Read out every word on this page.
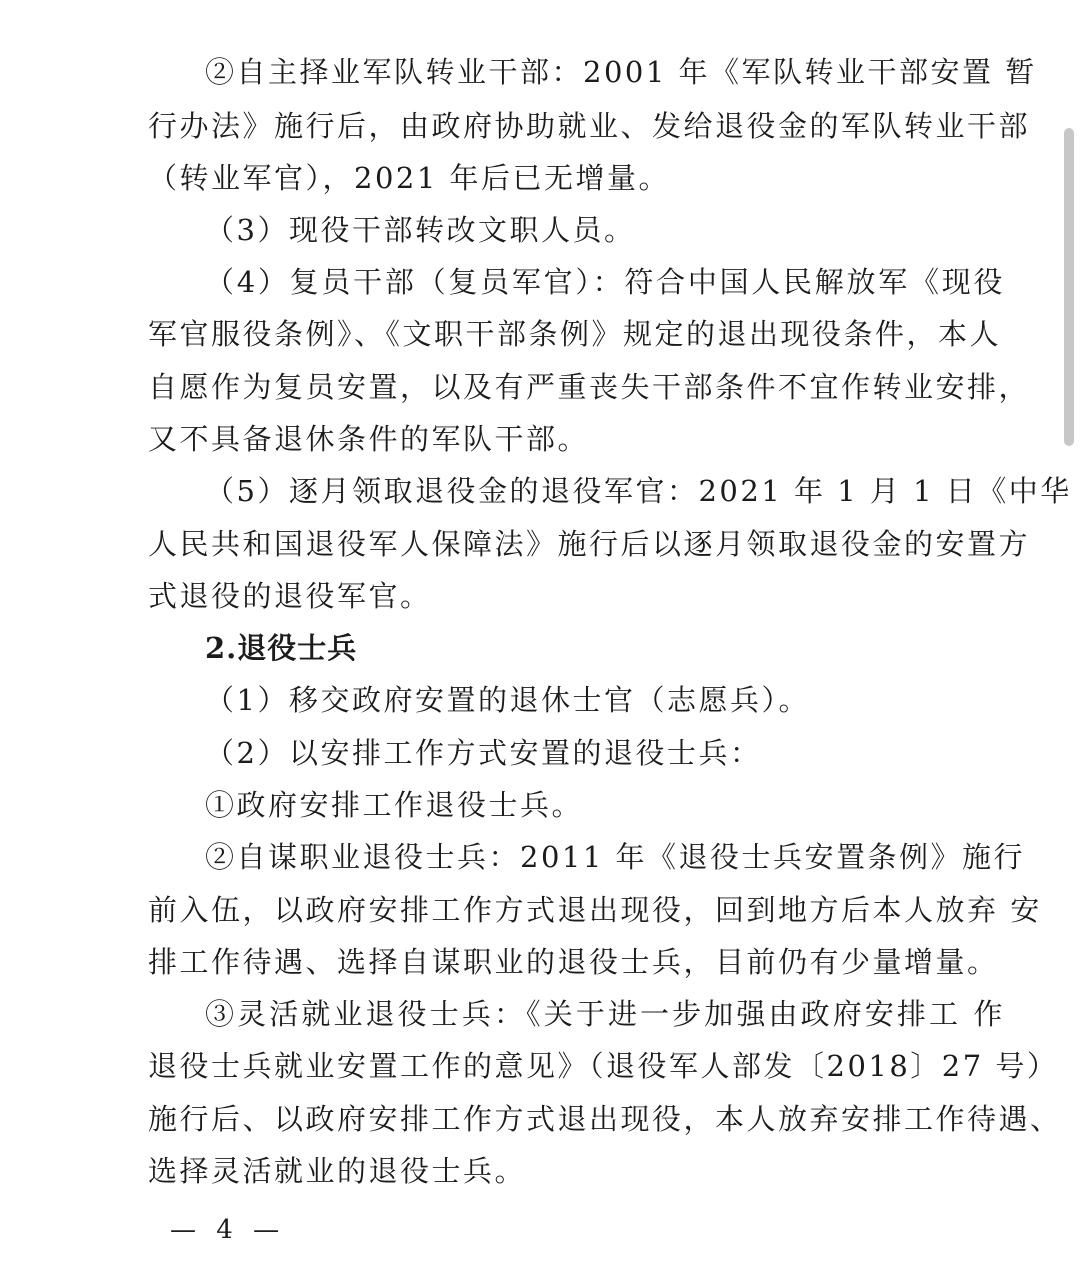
②自主择业军队转业干部：2001 年《军队转业干部安置 暂
行办法》施行后，由政府协助就业、发给退役金的军队转业干部
（转业军官），2021 年后已无增量。
（3）现役干部转改文职人员。
（4）复员干部（复员军官）：符合中国人民解放军《现役
军官服役条例》、《文职干部条例》规定的退出现役条件，本人
自愿作为复员安置，以及有严重丧失干部条件不宜作转业安排，
又不具备退休条件的军队干部。
（5）逐月领取退役金的退役军官：2021 年 1 月 1 日《中华
人民共和国退役军人保障法》施行后以逐月领取退役金的安置方
式退役的退役军官。
2.退役士兵
（1）移交政府安置的退休士官（志愿兵）。
（2）以安排工作方式安置的退役士兵：
①政府安排工作退役士兵。
②自谋职业退役士兵：2011 年《退役士兵安置条例》施行
前入伍，以政府安排工作方式退出现役，回到地方后本人放弃 安
排工作待遇、选择自谋职业的退役士兵，目前仍有少量增量。
③灵活就业退役士兵：《关于进一步加强由政府安排工 作
退役士兵就业安置工作的意见》（退役军人部发〔2018〕27 号）
施行后、以政府安排工作方式退出现役，本人放弃安排工作待遇、
选择灵活就业的退役士兵。
— 4 —
